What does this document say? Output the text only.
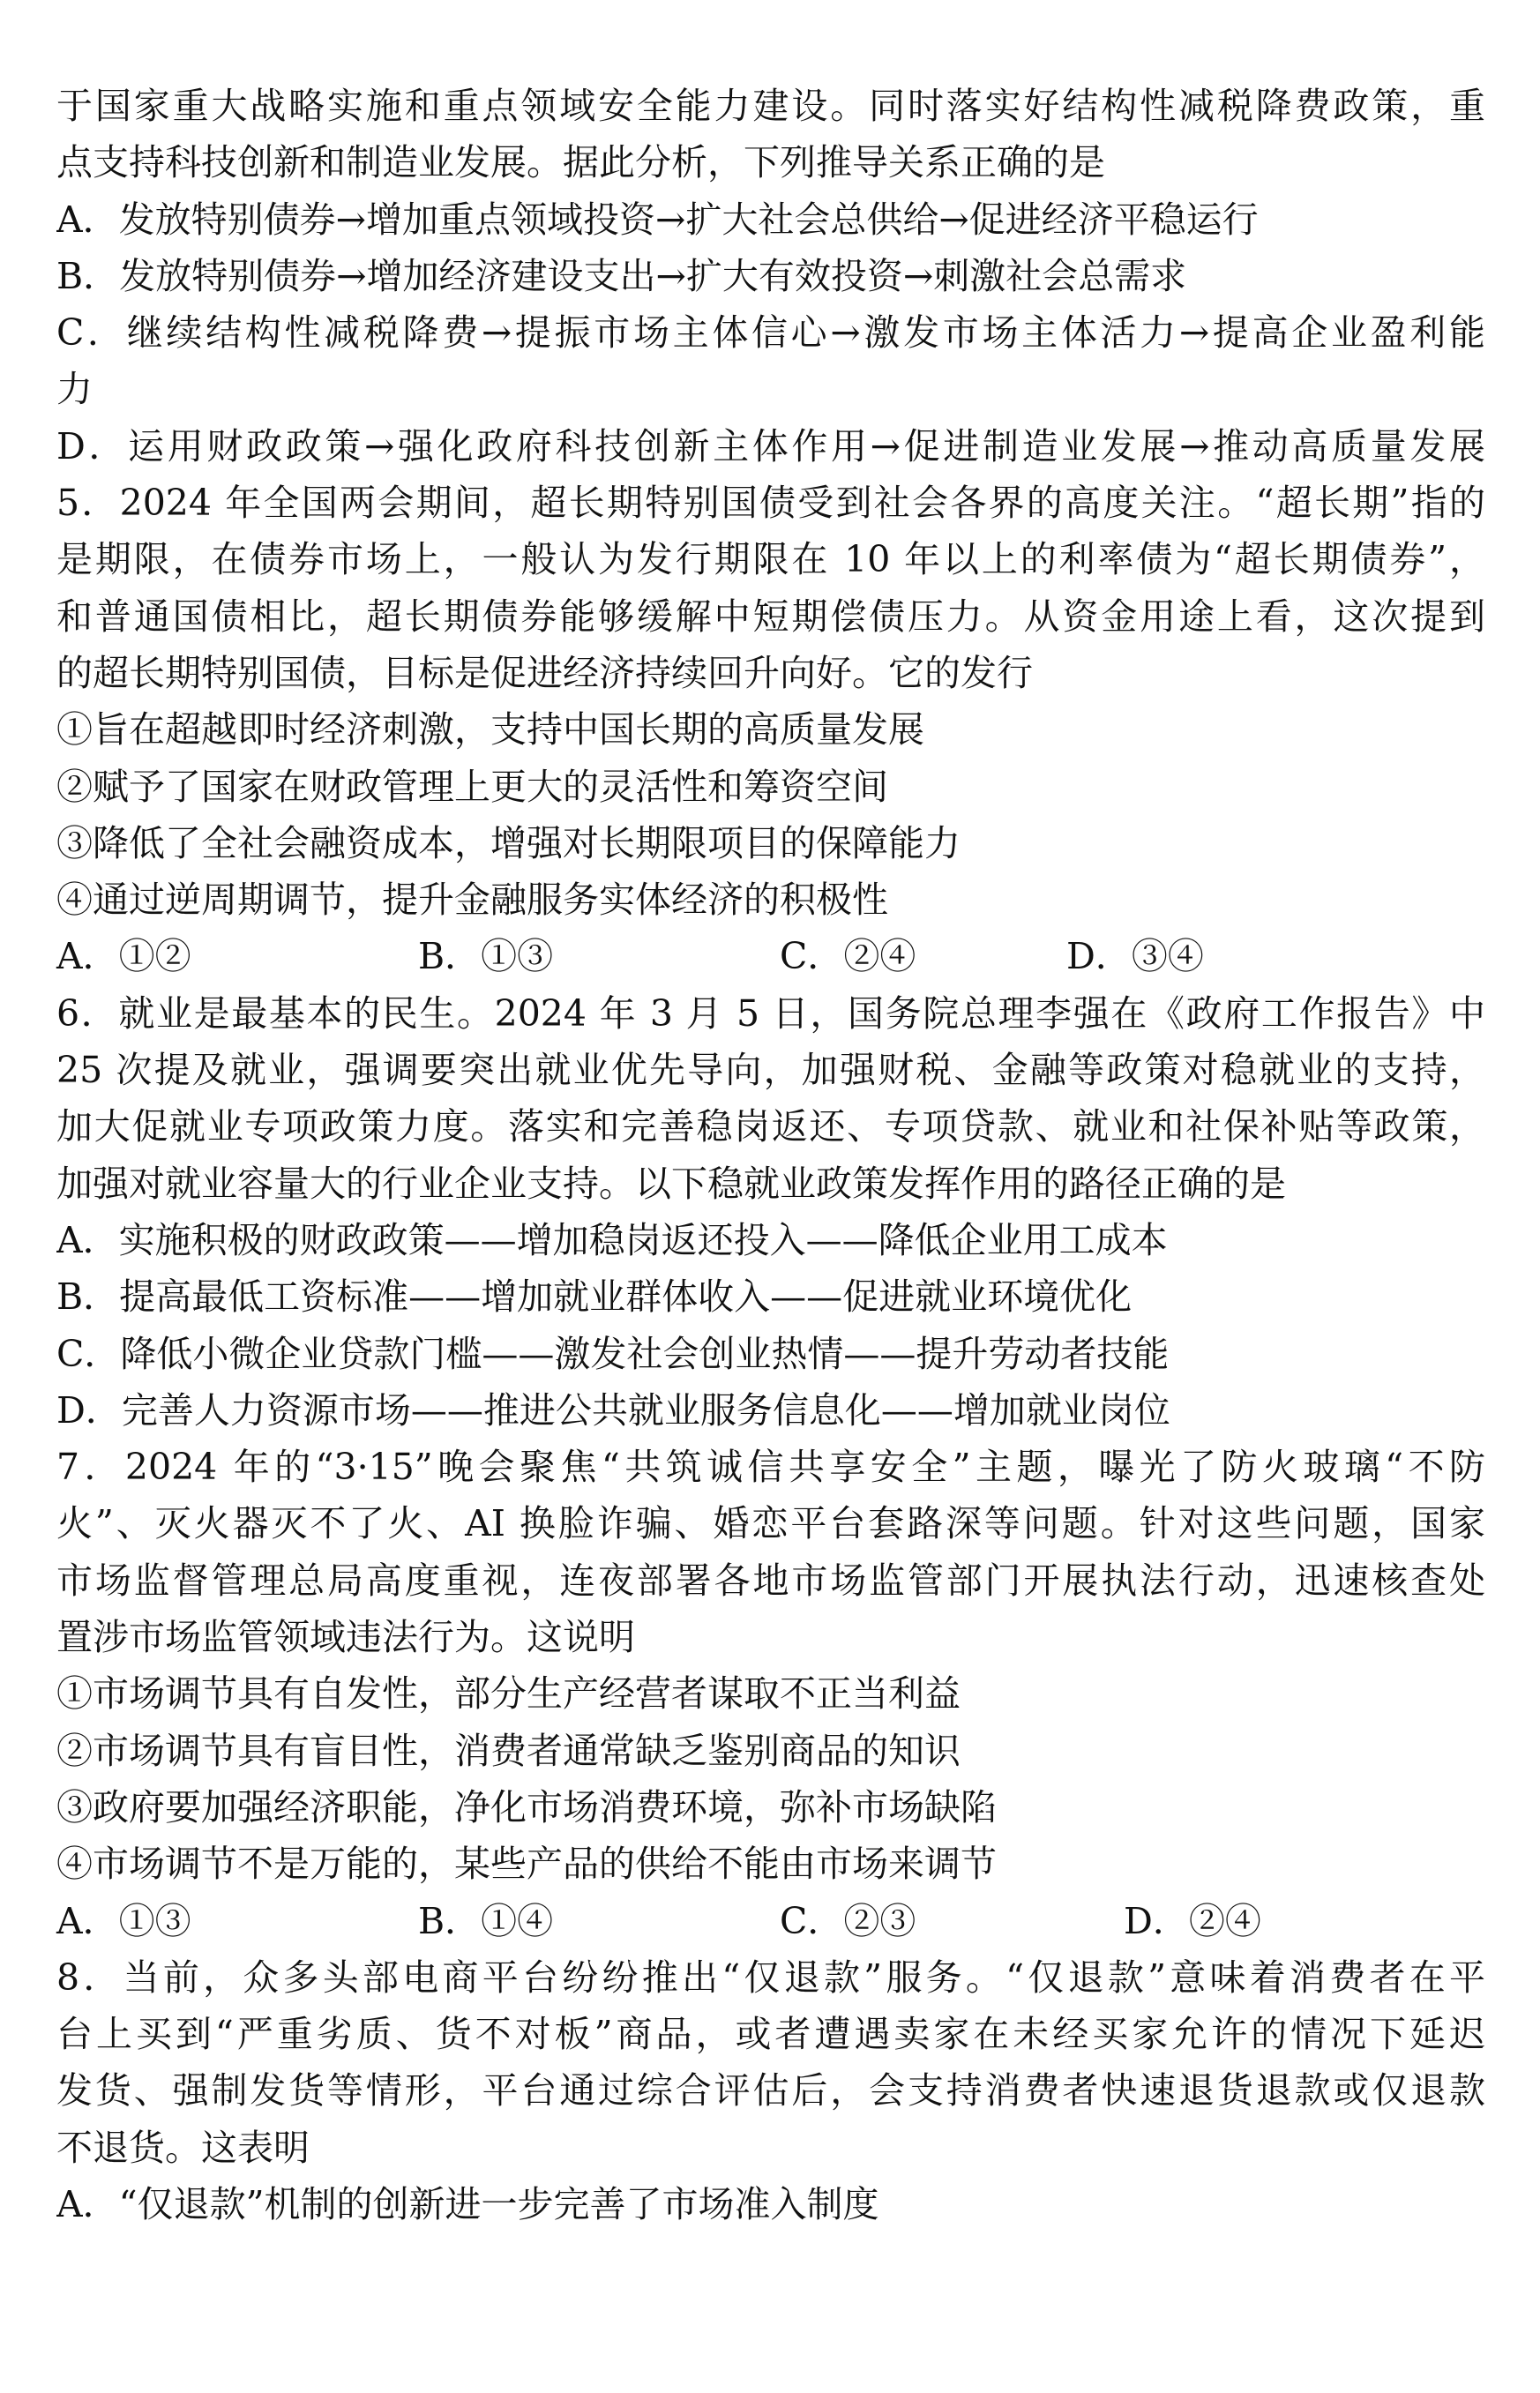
于国家重大战略实施和重点领域安全能力建设。同时落实好结构性减税降费政策，重
点支持科技创新和制造业发展。据此分析，下列推导关系正确的是
A．发放特别债券→增加重点领域投资→扩大社会总供给→促进经济平稳运行
B．发放特别债券→增加经济建设支出→扩大有效投资→刺激社会总需求
C．继续结构性减税降费→提振市场主体信心→激发市场主体活力→提高企业盈利能
力
D．运用财政政策→强化政府科技创新主体作用→促进制造业发展→推动高质量发展
5．2024 年全国两会期间，超长期特别国债受到社会各界的高度关注。“超长期”指的
是期限，在债券市场上，一般认为发行期限在 10 年以上的利率债为“超长期债券”，
和普通国债相比，超长期债券能够缓解中短期偿债压力。从资金用途上看，这次提到
的超长期特别国债，目标是促进经济持续回升向好。它的发行
①旨在超越即时经济刺激，支持中国长期的高质量发展
②赋予了国家在财政管理上更大的灵活性和筹资空间
③降低了全社会融资成本，增强对长期限项目的保障能力
④通过逆周期调节，提升金融服务实体经济的积极性
A．①②	B．①③	C．②④	D．③④
6．就业是最基本的民生。2024 年 3 月 5 日，国务院总理李强在《政府工作报告》中
25 次提及就业，强调要突出就业优先导向，加强财税、金融等政策对稳就业的支持，
加大促就业专项政策力度。落实和完善稳岗返还、专项贷款、就业和社保补贴等政策，
加强对就业容量大的行业企业支持。以下稳就业政策发挥作用的路径正确的是
A．实施积极的财政政策——增加稳岗返还投入——降低企业用工成本
B．提高最低工资标准——增加就业群体收入——促进就业环境优化
C．降低小微企业贷款门槛——激发社会创业热情——提升劳动者技能
D．完善人力资源市场——推进公共就业服务信息化——增加就业岗位
7．2024 年的“3·15”晚会聚焦“共筑诚信共享安全”主题，曝光了防火玻璃“不防
火”、灭火器灭不了火、AI 换脸诈骗、婚恋平台套路深等问题。针对这些问题，国家
市场监督管理总局高度重视，连夜部署各地市场监管部门开展执法行动，迅速核查处
置涉市场监管领域违法行为。这说明
①市场调节具有自发性，部分生产经营者谋取不正当利益
②市场调节具有盲目性，消费者通常缺乏鉴别商品的知识
③政府要加强经济职能，净化市场消费环境，弥补市场缺陷
④市场调节不是万能的，某些产品的供给不能由市场来调节
A．①③	B．①④	C．②③	D．②④
8．当前，众多头部电商平台纷纷推出“仅退款”服务。“仅退款”意味着消费者在平
台上买到“严重劣质、货不对板”商品，或者遭遇卖家在未经买家允许的情况下延迟
发货、强制发货等情形，平台通过综合评估后，会支持消费者快速退货退款或仅退款
不退货。这表明
A．“仅退款”机制的创新进一步完善了市场准入制度
